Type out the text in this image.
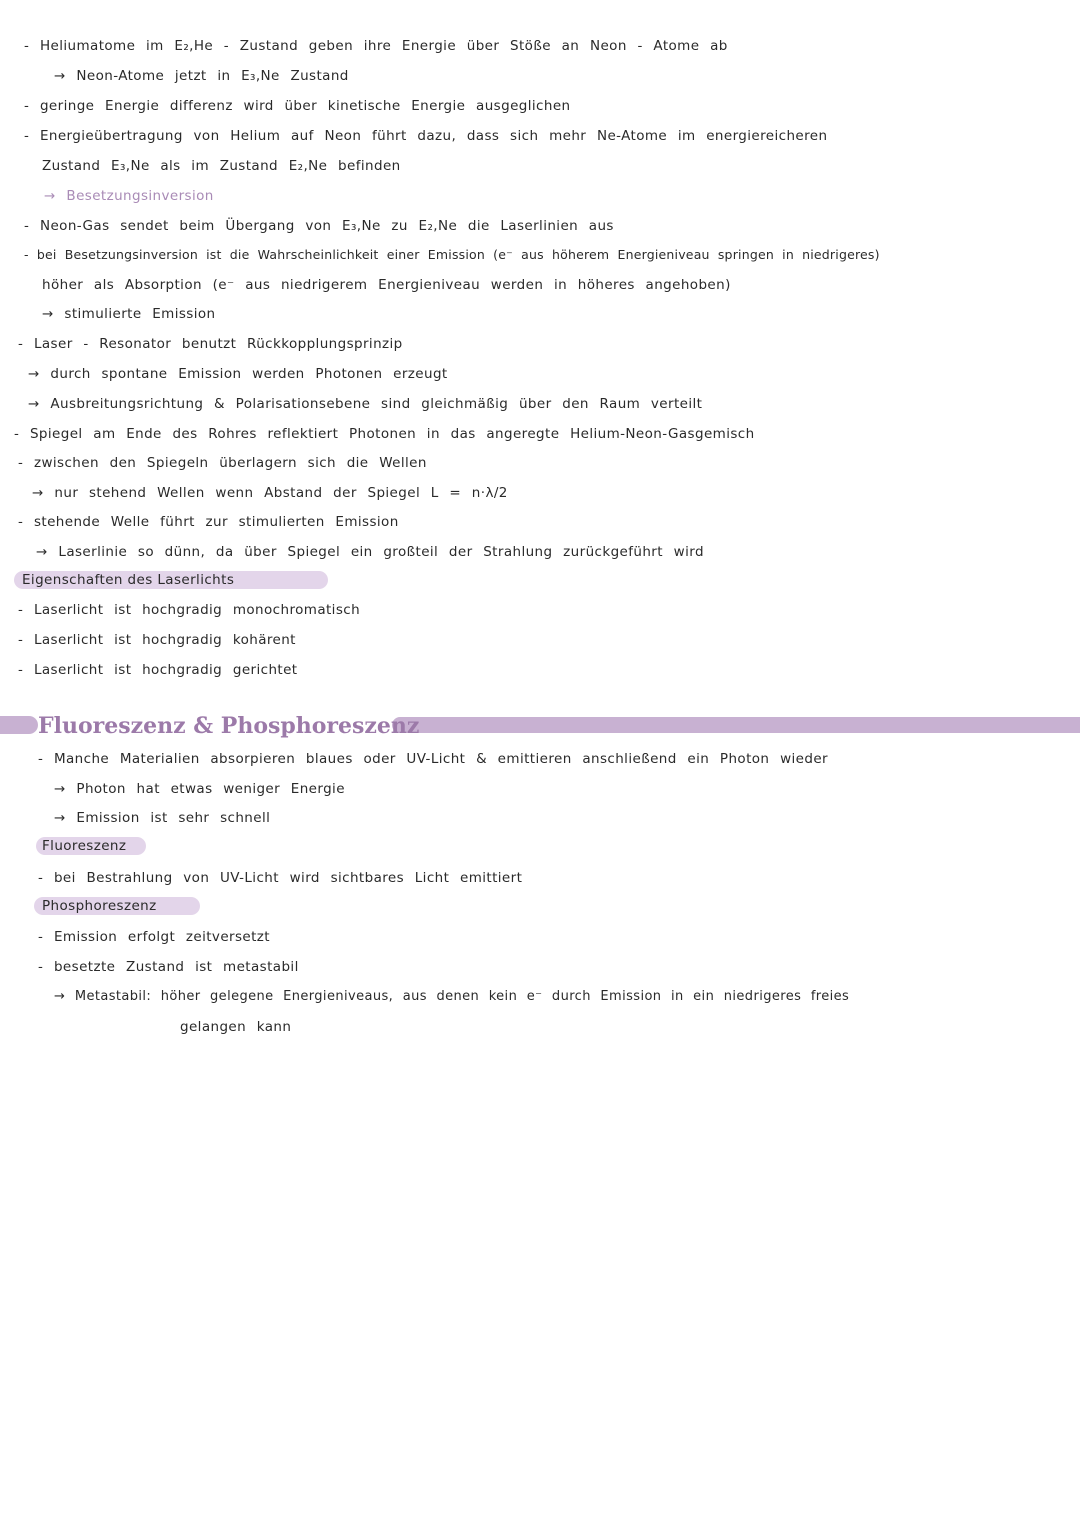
- Heliumatome im E₂,He - Zustand geben ihre Energie über Stöße an Neon - Atome ab
→ Neon-Atome jetzt in E₃,Ne Zustand
- geringe Energie differenz wird über kinetische Energie ausgeglichen
- Energieübertragung von Helium auf Neon führt dazu, dass sich mehr Ne-Atome im energiereicheren
Zustand E₃,Ne als im Zustand E₂,Ne befinden
→ Besetzungsinversion
- Neon-Gas sendet beim Übergang von E₃,Ne zu E₂,Ne die Laserlinien aus
- bei Besetzungsinversion ist die Wahrscheinlichkeit einer Emission (e⁻ aus höherem Energieniveau springen in niedrigeres)
höher als Absorption (e⁻ aus niedrigerem Energieniveau werden in höheres angehoben)
→ stimulierte Emission
- Laser - Resonator benutzt Rückkopplungsprinzip
→ durch spontane Emission werden Photonen erzeugt
→ Ausbreitungsrichtung & Polarisationsebene sind gleichmäßig über den Raum verteilt
- Spiegel am Ende des Rohres reflektiert Photonen in das angeregte Helium-Neon-Gasgemisch
- zwischen den Spiegeln überlagern sich die Wellen
→ nur stehend Wellen wenn Abstand der Spiegel L = n·λ/2
- stehende Welle führt zur stimulierten Emission
→ Laserlinie so dünn, da über Spiegel ein großteil der Strahlung zurückgeführt wird
Eigenschaften des Laserlichts
- Laserlicht ist hochgradig monochromatisch
- Laserlicht ist hochgradig kohärent
- Laserlicht ist hochgradig gerichtet
Fluoreszenz & Phosphoreszenz
- Manche Materialien absorpieren blaues oder UV-Licht & emittieren anschließend ein Photon wieder
→ Photon hat etwas weniger Energie
→ Emission ist sehr schnell
Fluoreszenz
- bei Bestrahlung von UV-Licht wird sichtbares Licht emittiert
Phosphoreszenz
- Emission erfolgt zeitversetzt
- besetzte Zustand ist metastabil
→ Metastabil: höher gelegene Energieniveaus, aus denen kein e⁻ durch Emission in ein niedrigeres freies
gelangen kann
